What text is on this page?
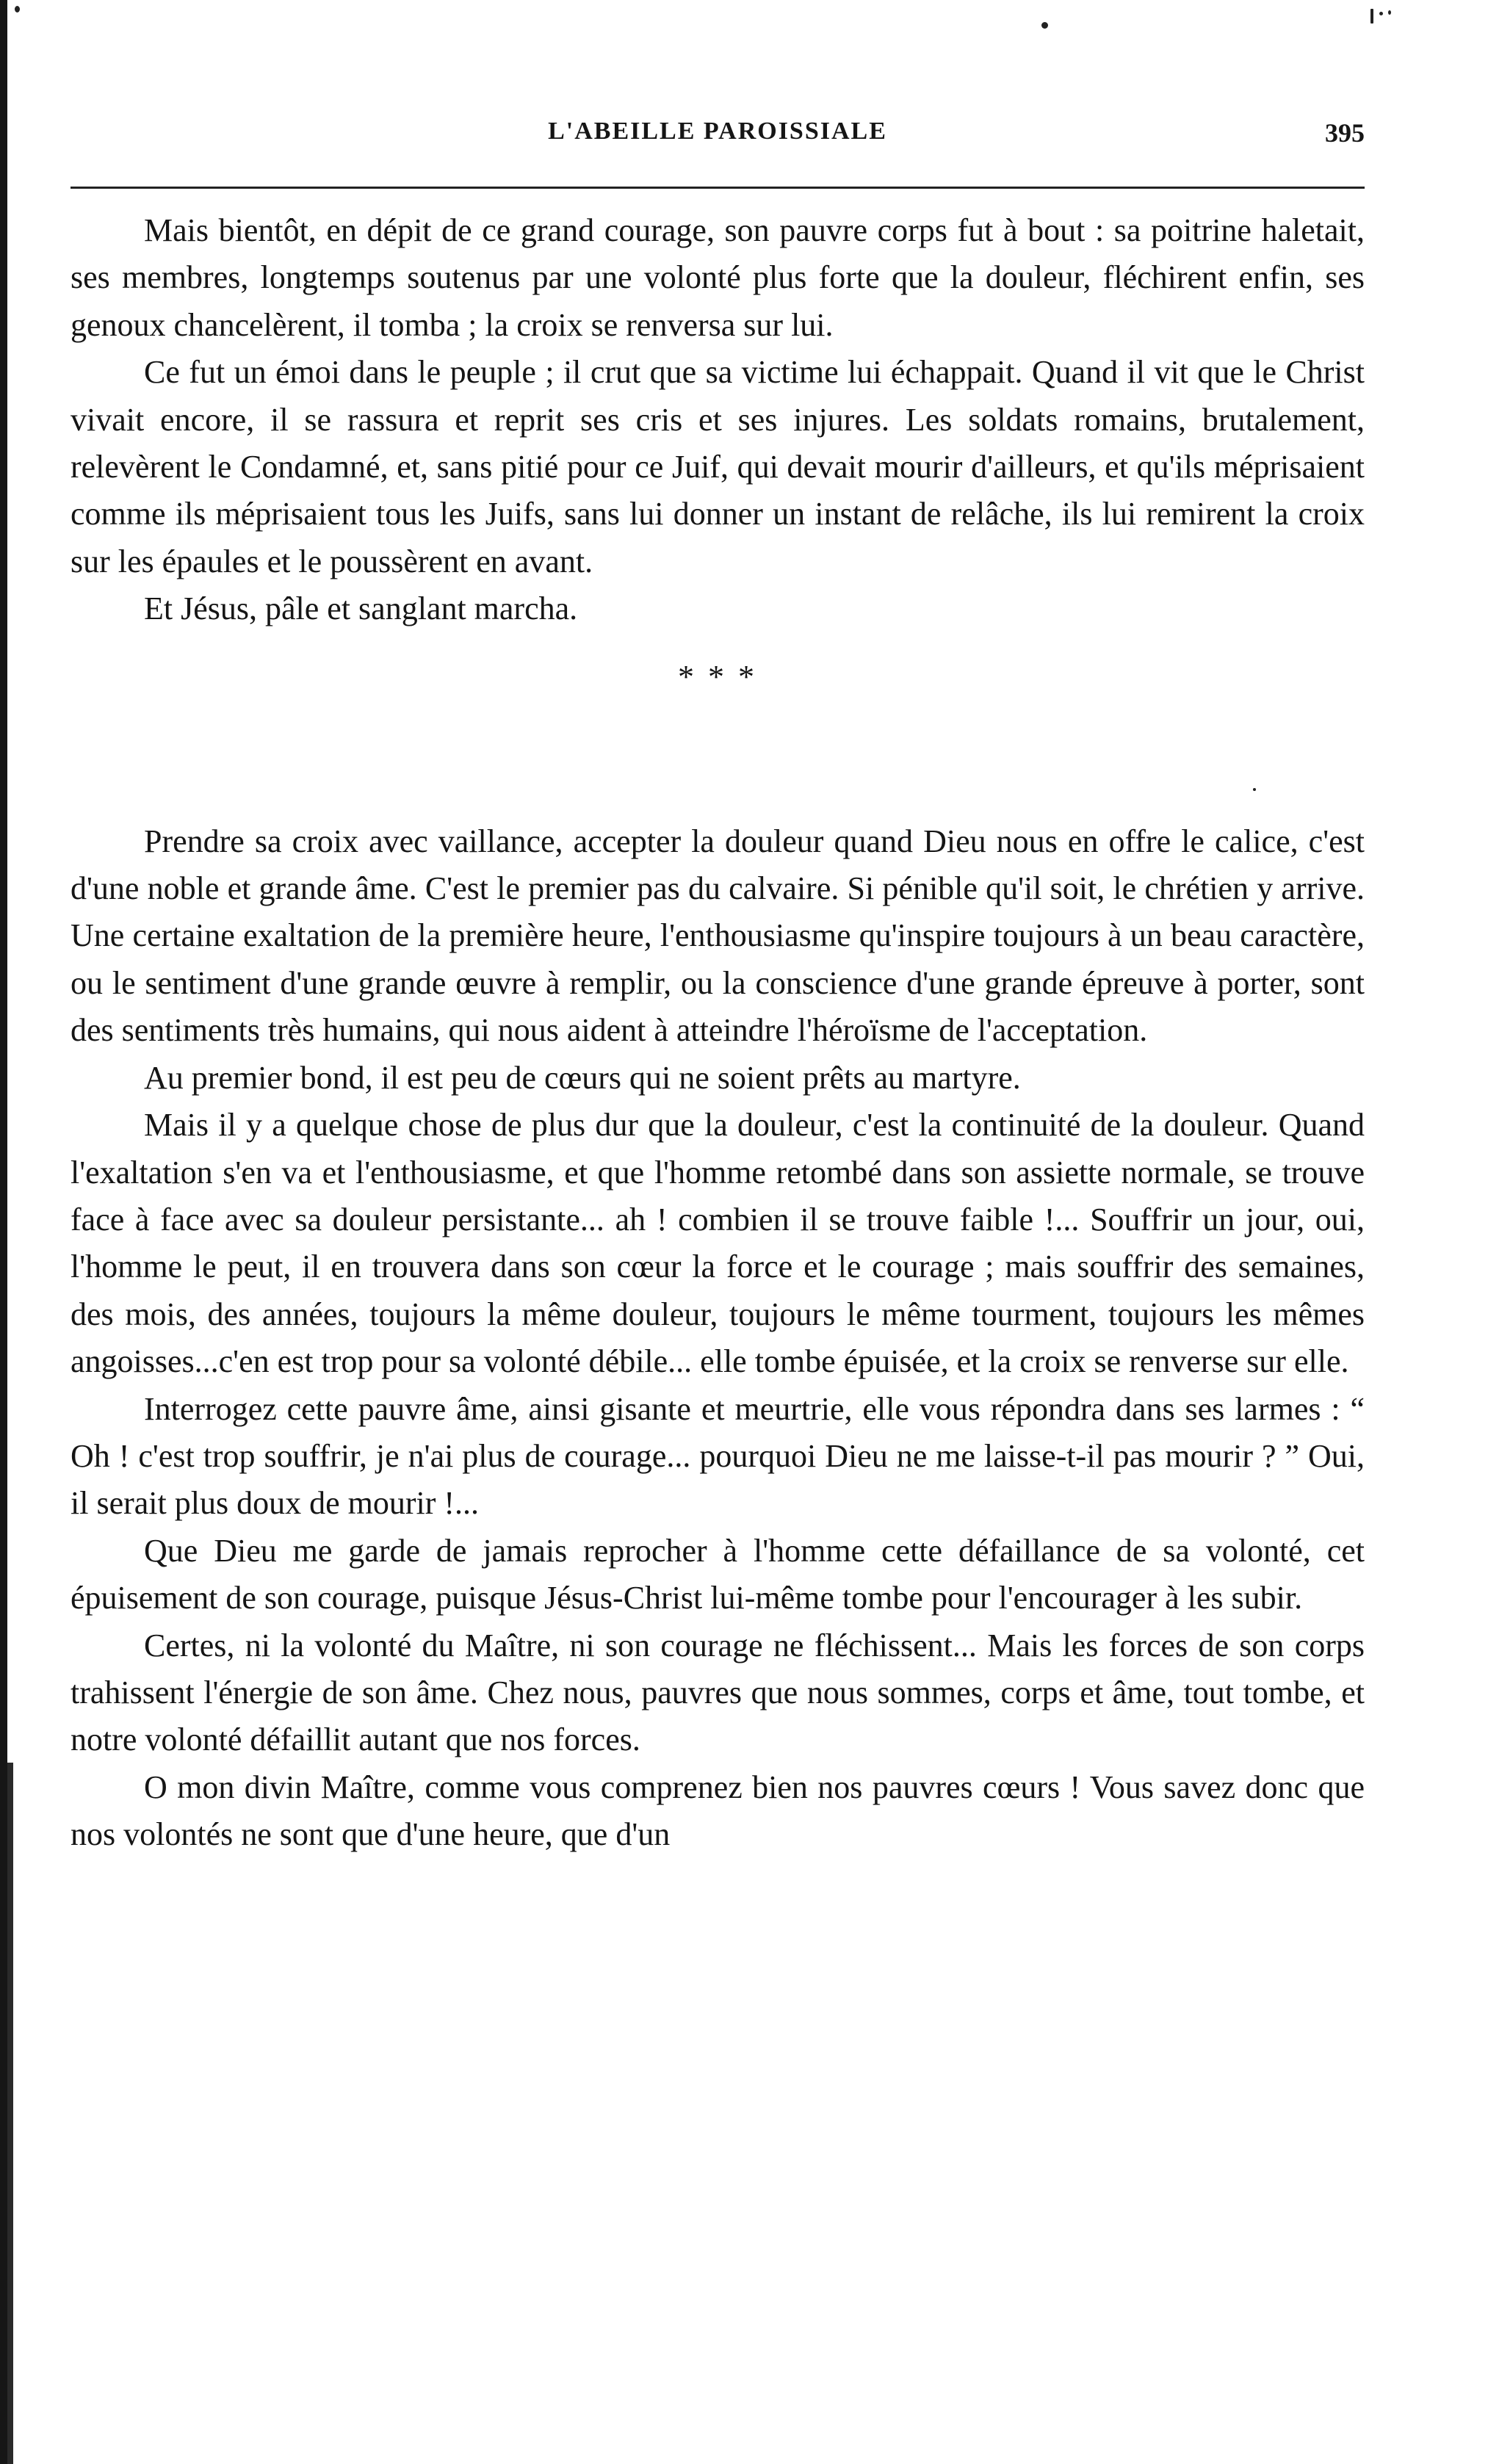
L'ABEILLE PAROISSIALE	395

Mais bientôt, en dépit de ce grand courage, son pauvre corps fut à bout : sa poitrine haletait, ses membres, longtemps soutenus par une volonté plus forte que la douleur, fléchirent enfin, ses genoux chancelèrent, il tomba ; la croix se renversa sur lui.

Ce fut un émoi dans le peuple ; il crut que sa victime lui échappait. Quand il vit que le Christ vivait encore, il se rassura et reprit ses cris et ses injures. Les soldats romains, brutalement, relevèrent le Condamné, et, sans pitié pour ce Juif, qui devait mourir d'ailleurs, et qu'ils méprisaient comme ils méprisaient tous les Juifs, sans lui donner un instant de relâche, ils lui remirent la croix sur les épaules et le poussèrent en avant.

Et Jésus, pâle et sanglant marcha.

* * *

Prendre sa croix avec vaillance, accepter la douleur quand Dieu nous en offre le calice, c'est d'une noble et grande âme. C'est le premier pas du calvaire. Si pénible qu'il soit, le chrétien y arrive. Une certaine exaltation de la première heure, l'enthousiasme qu'inspire toujours à un beau caractère, ou le sentiment d'une grande œuvre à remplir, ou la conscience d'une grande épreuve à porter, sont des sentiments très humains, qui nous aident à atteindre l'héroïsme de l'acceptation.

Au premier bond, il est peu de cœurs qui ne soient prêts au martyre.

Mais il y a quelque chose de plus dur que la douleur, c'est la continuité de la douleur. Quand l'exaltation s'en va et l'enthousiasme, et que l'homme retombé dans son assiette normale, se trouve face à face avec sa douleur persistante... ah ! combien il se trouve faible !... Souffrir un jour, oui, l'homme le peut, il en trouvera dans son cœur la force et le courage ; mais souffrir des semaines, des mois, des années, toujours la même douleur, toujours le même tourment, toujours les mêmes angoisses...c'en est trop pour sa volonté débile... elle tombe épuisée, et la croix se renverse sur elle.

Interrogez cette pauvre âme, ainsi gisante et meurtrie, elle vous répondra dans ses larmes : “ Oh ! c'est trop souffrir, je n'ai plus de courage... pourquoi Dieu ne me laisse-t-il pas mourir ? ” Oui, il serait plus doux de mourir !...

Que Dieu me garde de jamais reprocher à l'homme cette défaillance de sa volonté, cet épuisement de son courage, puisque Jésus-Christ lui-même tombe pour l'encourager à les subir.

Certes, ni la volonté du Maître, ni son courage ne fléchissent... Mais les forces de son corps trahissent l'énergie de son âme. Chez nous, pauvres que nous sommes, corps et âme, tout tombe, et notre volonté défaillit autant que nos forces.

O mon divin Maître, comme vous comprenez bien nos pauvres cœurs ! Vous savez donc que nos volontés ne sont que d'une heure, que d'un
